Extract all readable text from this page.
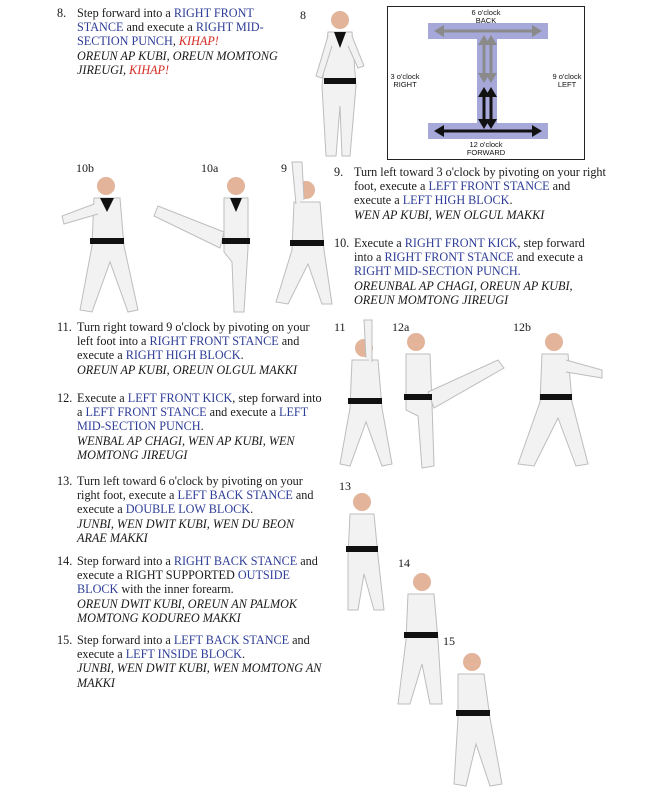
8. Step forward into a RIGHT FRONT
STANCE and execute a RIGHT MID-
SECTION PUNCH, KIHAP!
OREUN AP KUBI, OREUN MOMTONG
JIREUGI, KIHAP!
9. Turn left toward 3 o'clock by pivoting on your right
foot, execute a LEFT FRONT STANCE and
execute a LEFT HIGH BLOCK.
WEN AP KUBI, WEN OLGUL MAKKI
10. Execute a RIGHT FRONT KICK, step forward
into a RIGHT FRONT STANCE and execute a
RIGHT MID-SECTION PUNCH.
OREUNBAL AP CHAGI, OREUN AP KUBI,
OREUN MOMTONG JIREUGI
11. Turn right toward 9 o'clock by pivoting on your
left foot into a RIGHT FRONT STANCE and
execute a RIGHT HIGH BLOCK.
OREUN AP KUBI, OREUN OLGUL MAKKI
12. Execute a LEFT FRONT KICK, step forward into
a LEFT FRONT STANCE and execute a LEFT
MID-SECTION PUNCH.
WENBAL AP CHAGI, WEN AP KUBI, WEN
MOMTONG JIREUGI
13. Turn left toward 6 o'clock by pivoting on your
right foot, execute a LEFT BACK STANCE and
execute a DOUBLE LOW BLOCK.
JUNBI, WEN DWIT KUBI, WEN DU BEON
ARAE MAKKI
14. Step forward into a RIGHT BACK STANCE and
execute a RIGHT SUPPORTED OUTSIDE
BLOCK with the inner forearm.
OREUN DWIT KUBI, OREUN AN PALMOK
MOMTONG KODUREO MAKKI
15. Step forward into a LEFT BACK STANCE and
execute a LEFT INSIDE BLOCK.
JUNBI, WEN DWIT KUBI, WEN MOMTONG AN
MAKKI
8
10b	10a	9
11	12a	12b
13
14
15
6 o'clock
BACK
3 o'clock
RIGHT
9 o'clock
LEFT
12 o'clock
FORWARD
